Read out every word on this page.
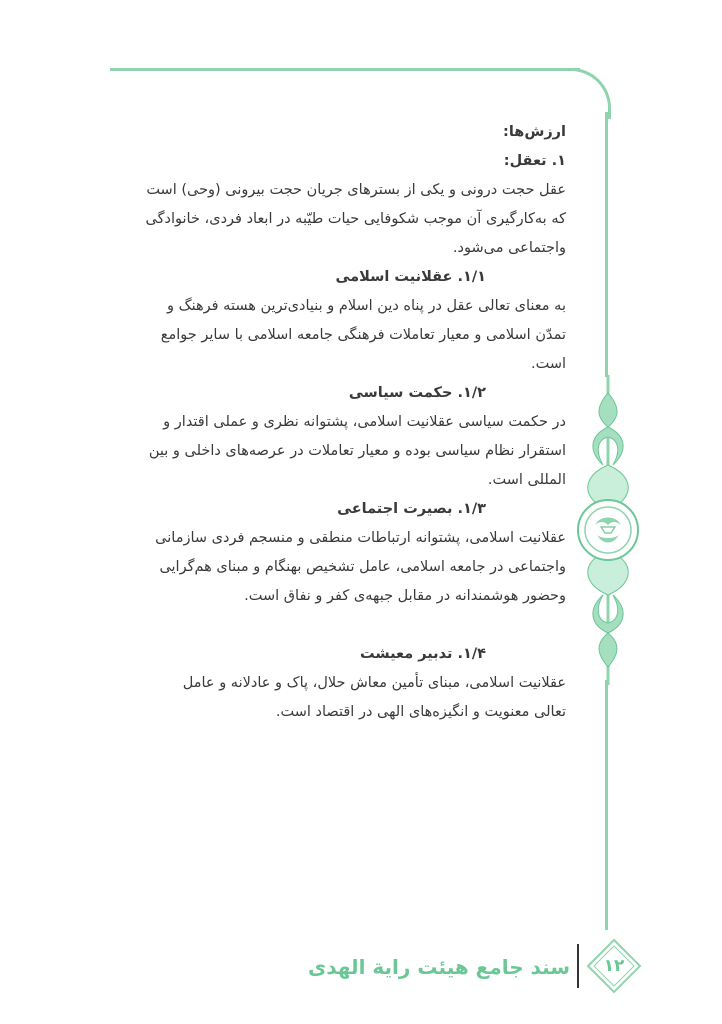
ارزش‌ها:
۱. تعقل:
عقل حجت درونی و یکی از بسترهای جریان حجت بیرونی (وحی) است
که به‌کارگیری آن موجب شکوفایی حیات طیّبه در ابعاد فردی، خانوادگی
واجتماعی می‌شود.
۱/۱. عقلانیت اسلامی
به معنای تعالی عقل در پناه دین اسلام و بنیادی‌ترین هسته فرهنگ و
تمدّن اسلامی و معیار تعاملات فرهنگی جامعه اسلامی با سایر جوامع
است.
۱/۲. حکمت سیاسی
در حکمت سیاسی عقلانیت اسلامی، پشتوانه نظری و عملی اقتدار و
استقرار نظام سیاسی بوده و معیار تعاملات در عرصه‌های داخلی و بین
المللی است.
۱/۳. بصیرت اجتماعی
عقلانیت اسلامی، پشتوانه ارتباطات منطقی و منسجم فردی سازمانی
واجتماعی در جامعه اسلامی، عامل تشخیص بهنگام و مبنای هم‌گرایی
وحضور هوشمندانه در مقابل جبهه‌ی کفر و نفاق است.
۱/۴. تدبیر معیشت
عقلانیت اسلامی، مبنای تأمین معاش حلال، پاک و عادلانه و عامل
تعالی معنویت و انگیزه‌های الهی در اقتصاد است.
سند جامع هیئت رایة الهدی	۱۲
